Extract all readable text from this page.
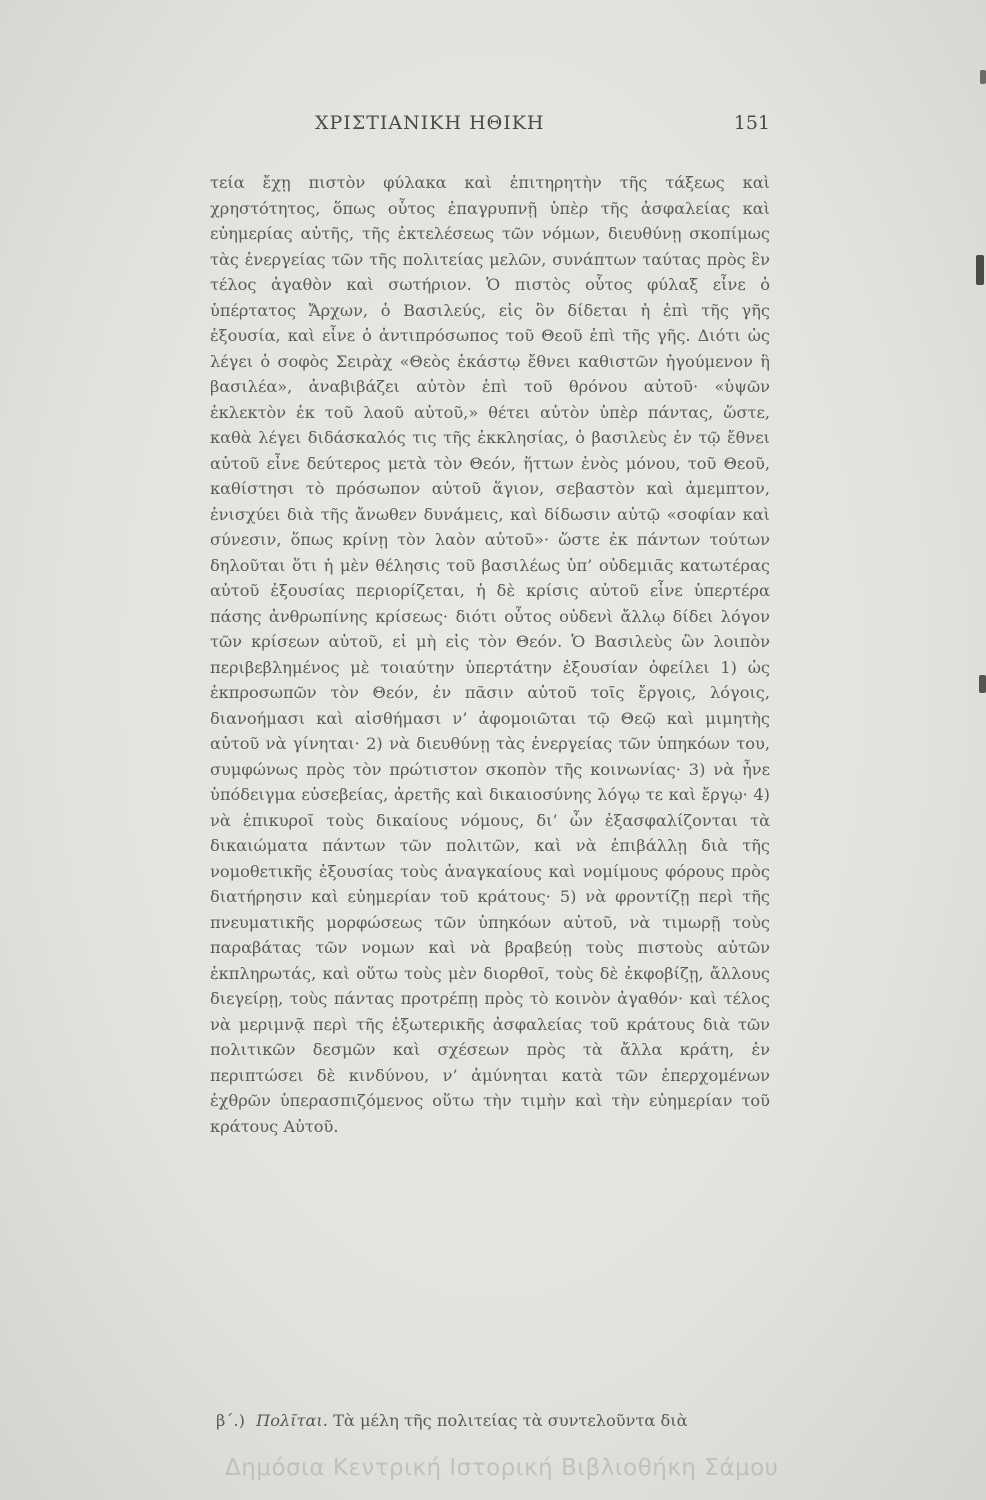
ΧΡΙΣΤΙΑΝΙΚΗ ΗΘΙΚΗ	151

τεία ἔχῃ πιστὸν φύλακα καὶ ἐπιτηρητὴν τῆς τάξεως καὶ χρηστότητος, ὅπως οὗτος ἐπαγρυπνῇ ὑπὲρ τῆς ἀσφαλείας καὶ εὐημερίας αὐτῆς, τῆς ἐκτελέσεως τῶν νόμων, διευθύνῃ σκοπίμως τὰς ἐνεργείας τῶν τῆς πολιτείας μελῶν, συνάπτων ταύτας πρὸς ἓν τέλος ἀγαθὸν καὶ σωτήριον. Ὁ πιστὸς οὗτος φύλαξ εἶνε ὁ ὑπέρτατος Ἄρχων, ὁ Βασιλεύς, εἰς ὃν δίδεται ἡ ἐπὶ τῆς γῆς ἐξουσία, καὶ εἶνε ὁ ἀντιπρόσωπος τοῦ Θεοῦ ἐπὶ τῆς γῆς. Διότι ὡς λέγει ὁ σοφὸς Σειρὰχ «Θεὸς ἑκάστῳ ἔθνει καθιστῶν ἡγούμενον ἢ βασιλέα», ἀναβιβάζει αὐτὸν ἐπὶ τοῦ θρόνου αὐτοῦ· «ὑψῶν ἐκλεκτὸν ἐκ τοῦ λαοῦ αὐτοῦ,» θέτει αὐτὸν ὑπὲρ πάντας, ὥστε, καθὰ λέγει διδάσκαλός τις τῆς ἐκκλησίας, ὁ βασιλεὺς ἐν τῷ ἔθνει αὐτοῦ εἶνε δεύτερος μετὰ τὸν Θεόν, ἥττων ἑνὸς μόνου, τοῦ Θεοῦ, καθίστησι τὸ πρόσωπον αὐτοῦ ἅγιον, σεβαστὸν καὶ ἀμεμπτον, ἐνισχύει διὰ τῆς ἄνωθεν δυνάμεις, καὶ δίδωσιν αὐτῷ «σοφίαν καὶ σύνεσιν, ὅπως κρίνῃ τὸν λαὸν αὐτοῦ»· ὥστε ἐκ πάντων τούτων δηλοῦται ὅτι ἡ μὲν θέλησις τοῦ βασιλέως ὑπ’ οὐδεμιᾶς κατωτέρας αὐτοῦ ἐξουσίας περιορίζεται, ἡ δὲ κρίσις αὐτοῦ εἶνε ὑπερτέρα πάσης ἀνθρωπίνης κρίσεως· διότι οὗτος οὐδενὶ ἄλλῳ δίδει λόγον τῶν κρίσεων αὐτοῦ, εἰ μὴ εἰς τὸν Θεόν. Ὁ Βασιλεὺς ὢν λοιπὸν περιβεβλημένος μὲ τοιαύτην ὑπερτάτην ἐξουσίαν ὀφείλει 1) ὡς ἐκπροσωπῶν τὸν Θεόν, ἐν πᾶσιν αὐτοῦ τοῖς ἔργοις, λόγοις, διανοήμασι καὶ αἰσθήμασι ν’ ἀφομοιῶται τῷ Θεῷ καὶ μιμητὴς αὐτοῦ νὰ γίνηται· 2) νὰ διευθύνῃ τὰς ἐνεργείας τῶν ὑπηκόων του, συμφώνως πρὸς τὸν πρώτιστον σκοπὸν τῆς κοινωνίας· 3) νὰ ἦνε ὑπόδειγμα εὐσεβείας, ἀρετῆς καὶ δικαιοσύνης λόγῳ τε καὶ ἔργῳ· 4) νὰ ἐπικυροῖ τοὺς δικαίους νόμους, δι’ ὧν ἐξασφαλίζονται τὰ δικαιώματα πάντων τῶν πολιτῶν, καὶ νὰ ἐπιβάλλῃ διὰ τῆς νομοθετικῆς ἐξουσίας τοὺς ἀναγκαίους καὶ νομίμους φόρους πρὸς διατήρησιν καὶ εὐημερίαν τοῦ κράτους· 5) νὰ φροντίζῃ περὶ τῆς πνευματικῆς μορφώσεως τῶν ὑπηκόων αὐτοῦ, νὰ τιμωρῇ τοὺς παραβάτας τῶν νομων καὶ νὰ βραβεύῃ τοὺς πιστοὺς αὐτῶν ἐκπληρωτάς, καὶ οὕτω τοὺς μὲν διορθοῖ, τοὺς δὲ ἐκφοβίζῃ, ἄλλους διεγείρῃ, τοὺς πάντας προτρέπῃ πρὸς τὸ κοινὸν ἀγαθόν· καὶ τέλος νὰ μεριμνᾷ περὶ τῆς ἐξωτερικῆς ἀσφαλείας τοῦ κράτους διὰ τῶν πολιτικῶν δεσμῶν καὶ σχέσεων πρὸς τὰ ἄλλα κράτη, ἐν περιπτώσει δὲ κινδύνου, ν’ ἀμύνηται κατὰ τῶν ἐπερχομένων ἐχθρῶν ὑπερασπιζόμενος οὕτω τὴν τιμὴν καὶ τὴν εὐημερίαν τοῦ κράτους Αὐτοῦ.

β΄.) Πολῖται. Τὰ μέλη τῆς πολιτείας τὰ συντελοῦντα διὰ
Δημόσια Κεντρική Ιστορική Βιβλιοθήκη Σάμου
